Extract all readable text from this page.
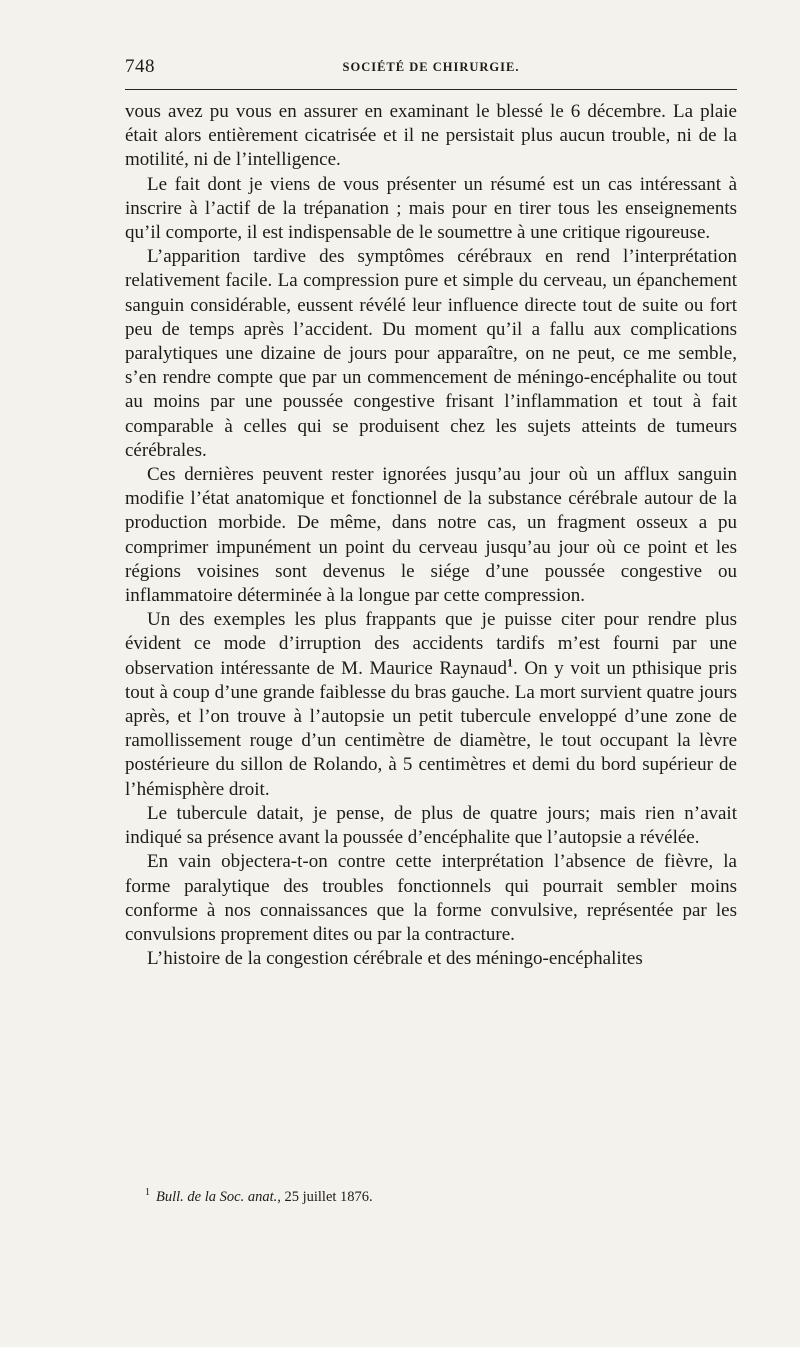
748	SOCIÉTÉ DE CHIRURGIE.

vous avez pu vous en assurer en examinant le blessé le 6 décembre. La plaie était alors entièrement cicatrisée et il ne persistait plus aucun trouble, ni de la motilité, ni de l’intelligence.

Le fait dont je viens de vous présenter un résumé est un cas intéressant à inscrire à l’actif de la trépanation ; mais pour en tirer tous les enseignements qu’il comporte, il est indispensable de le soumettre à une critique rigoureuse.

L’apparition tardive des symptômes cérébraux en rend l’interprétation relativement facile. La compression pure et simple du cerveau, un épanchement sanguin considérable, eussent révélé leur influence directe tout de suite ou fort peu de temps après l’accident. Du moment qu’il a fallu aux complications paralytiques une dizaine de jours pour apparaître, on ne peut, ce me semble, s’en rendre compte que par un commencement de méningo-encéphalite ou tout au moins par une poussée congestive frisant l’inflammation et tout à fait comparable à celles qui se produisent chez les sujets atteints de tumeurs cérébrales.

Ces dernières peuvent rester ignorées jusqu’au jour où un afflux sanguin modifie l’état anatomique et fonctionnel de la substance cérébrale autour de la production morbide. De même, dans notre cas, un fragment osseux a pu comprimer impunément un point du cerveau jusqu’au jour où ce point et les régions voisines sont devenus le siége d’une poussée congestive ou inflammatoire déterminée à la longue par cette compression.

Un des exemples les plus frappants que je puisse citer pour rendre plus évident ce mode d’irruption des accidents tardifs m’est fourni par une observation intéressante de M. Maurice Raynaud$^1$. On y voit un pthisique pris tout à coup d’une grande faiblesse du bras gauche. La mort survient quatre jours après, et l’on trouve à l’autopsie un petit tubercule enveloppé d’une zone de ramollissement rouge d’un centimètre de diamètre, le tout occupant la lèvre postérieure du sillon de Rolando, à 5 centimètres et demi du bord supérieur de l’hémisphère droit.

Le tubercule datait, je pense, de plus de quatre jours; mais rien n’avait indiqué sa présence avant la poussée d’encéphalite que l’autopsie a révélée.

En vain objectera-t-on contre cette interprétation l’absence de fièvre, la forme paralytique des troubles fonctionnels qui pourrait sembler moins conforme à nos connaissances que la forme convulsive, représentée par les convulsions proprement dites ou par la contracture.

L’histoire de la congestion cérébrale et des méningo-encéphalites

$^1$ Bull. de la Soc. anat., 25 juillet 1876.
